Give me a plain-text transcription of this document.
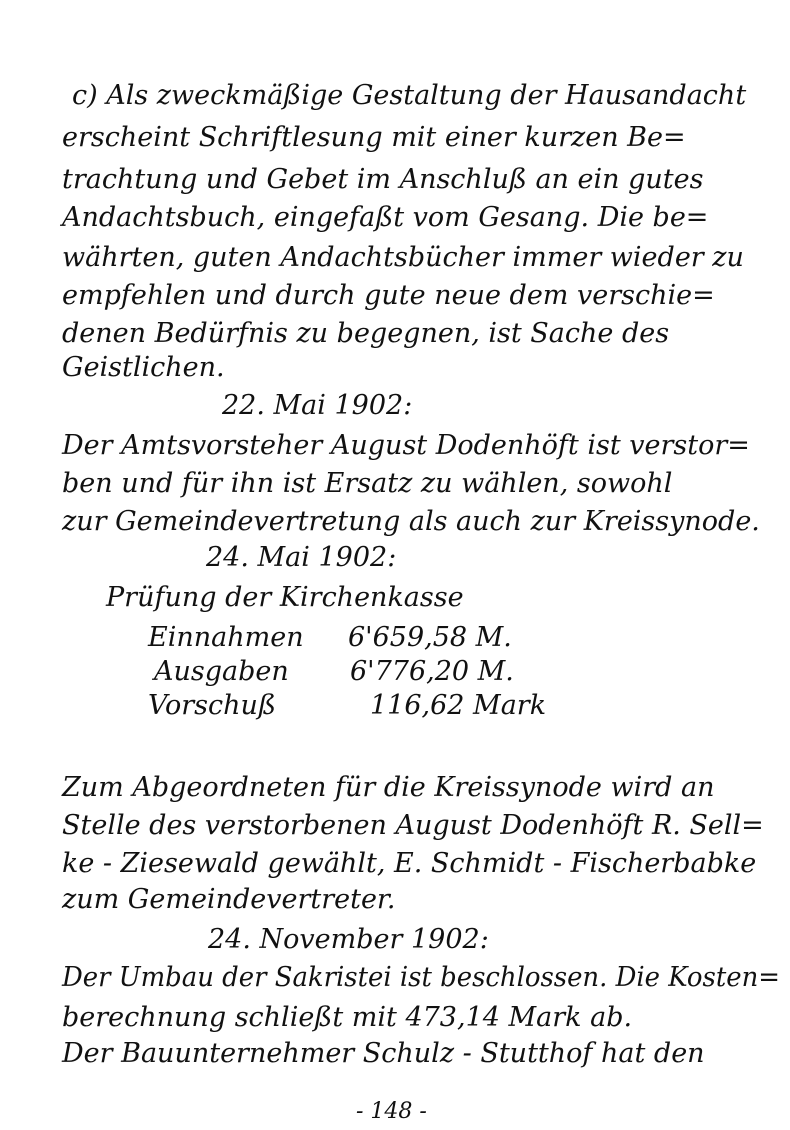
c) Als zweckmäßige Gestaltung der Hausandacht
erscheint Schriftlesung mit einer kurzen Be=
trachtung und Gebet im Anschluß an ein gutes
Andachtsbuch, eingefaßt vom Gesang. Die be=
währten, guten Andachtsbücher immer wieder zu
empfehlen und durch gute neue dem verschie=
denen Bedürfnis zu begegnen, ist Sache des
Geistlichen.
22. Mai 1902:
Der Amtsvorsteher August Dodenhöft ist verstor=
ben und für ihn ist Ersatz zu wählen, sowohl
zur Gemeindevertretung als auch zur Kreissynode.
24. Mai 1902:
Prüfung der Kirchenkasse
Einnahmen 6'659,58 M.
Ausgaben 6'776,20 M.
Vorschuß	116,62 Mark
Zum Abgeordneten für die Kreissynode wird an
Stelle des verstorbenen August Dodenhöft R. Sell=
ke - Ziesewald gewählt, E. Schmidt - Fischerbabke
zum Gemeindevertreter.
24. November 1902:
Der Umbau der Sakristei ist beschlossen. Die Kosten=
berechnung schließt mit 473,14 Mark ab.
Der Bauunternehmer Schulz - Stutthof hat den
- 148 -
